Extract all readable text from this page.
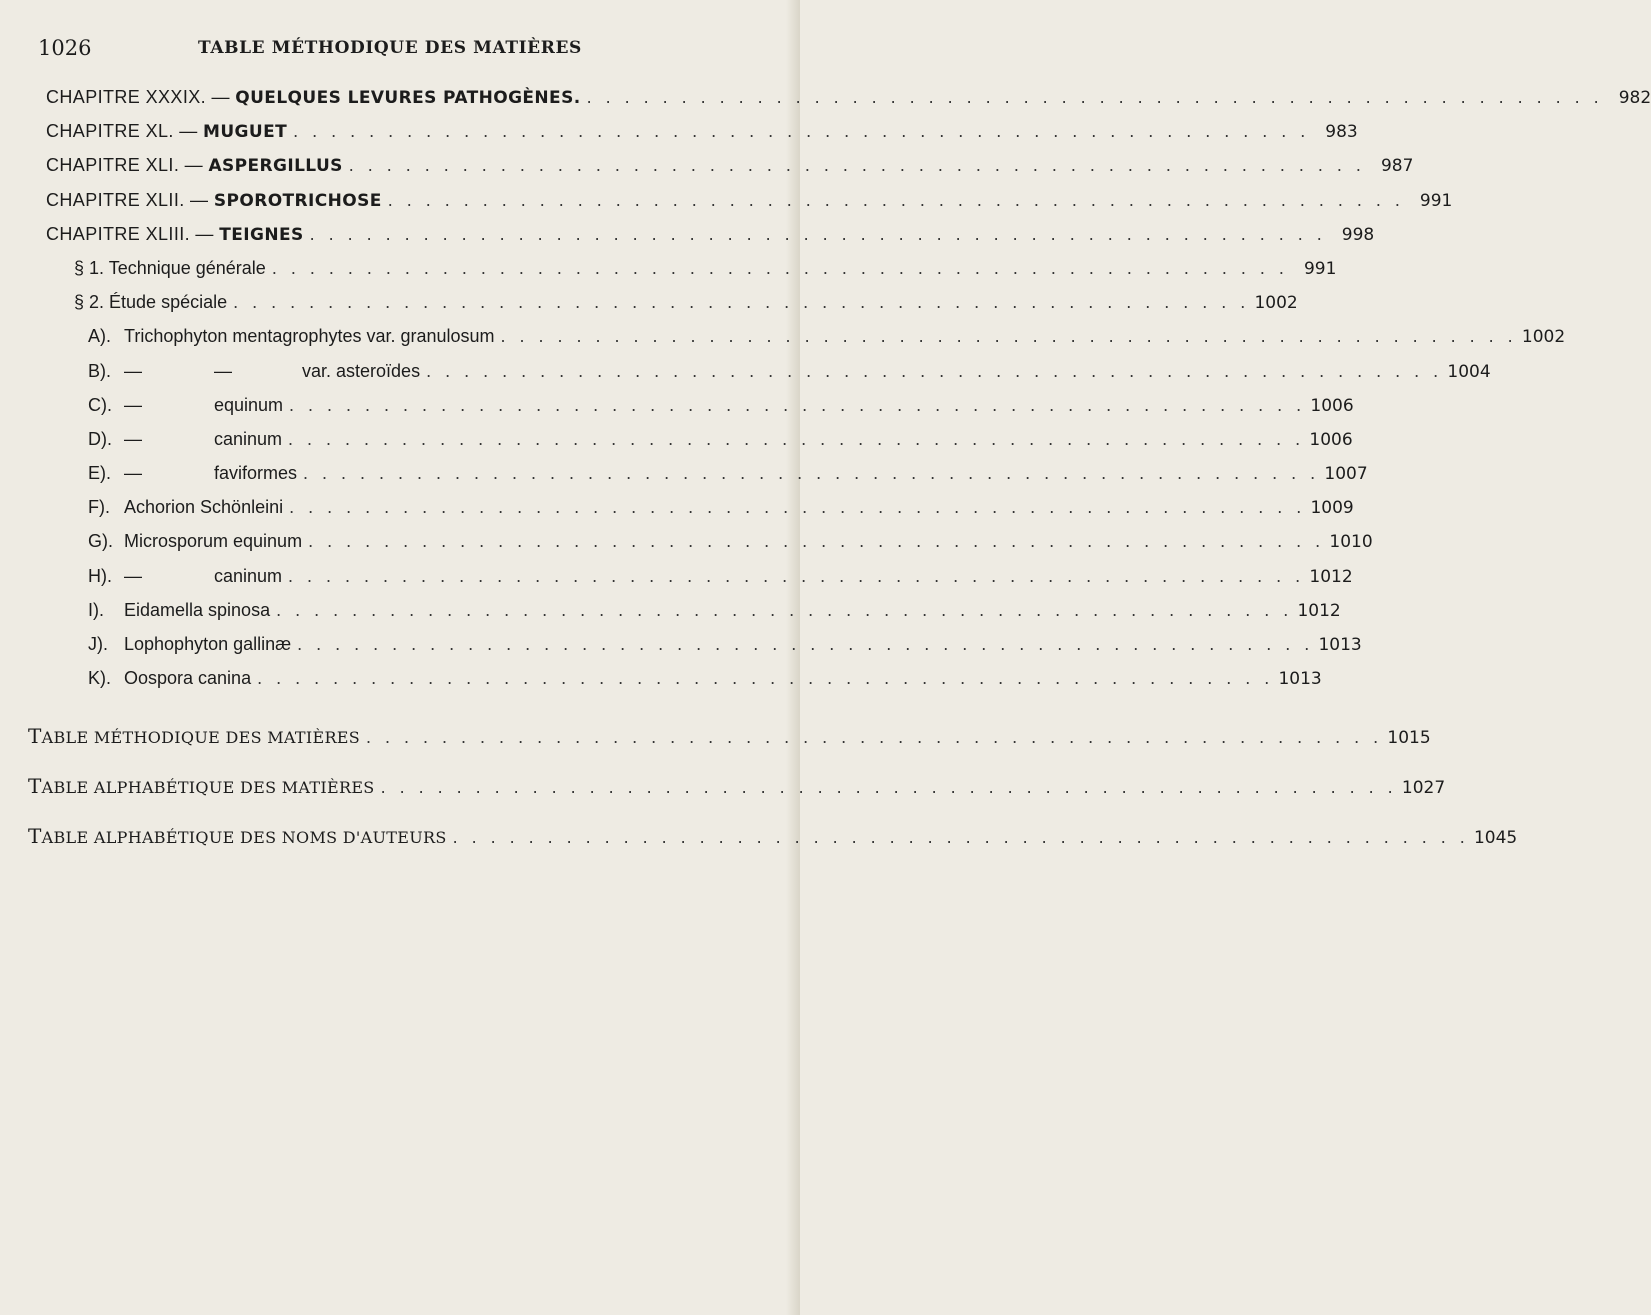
1026	TABLE MÉTHODIQUE DES MATIÈRES
CHAPITRE XXXIX. — QUELQUES LEVURES PATHOGÈNES. . . . . . . . . . . . . . . . . . . . . . . . . . . . . . . . . . . . . . . . . . . . . . . . . . . . . . . 982
CHAPITRE XL. — MUGUET . . . . . . . . . . . . . . . . . . . . . . . . . . . . . . . . . . . . . . . . . . . . . . . . . . . . . . 983
CHAPITRE XLI. — ASPERGILLUS . . . . . . . . . . . . . . . . . . . . . . . . . . . . . . . . . . . . . . . . . . . . . . . . . . . . . . 987
CHAPITRE XLII. — SPOROTRICHOSE . . . . . . . . . . . . . . . . . . . . . . . . . . . . . . . . . . . . . . . . . . . . . . . . . . . . . . 991
CHAPITRE XLIII. — TEIGNES . . . . . . . . . . . . . . . . . . . . . . . . . . . . . . . . . . . . . . . . . . . . . . . . . . . . . . 998
§ 1. Technique générale . . . . . . . . . . . . . . . . . . . . . . . . . . . . . . . . . . . . . . . . . . . . . . . . . . . . . . 991
§ 2. Étude spéciale . . . . . . . . . . . . . . . . . . . . . . . . . . . . . . . . . . . . . . . . . . . . . . . . . . . . . . 1002
A). Trichophyton mentagrophytes var. granulosum . . . . . . . . . . . . . . . . . . . . . . . . . . . . . . . . . . . . . . . . . . . . . . . . . . . . . . 1002
B). —	—	var. asteroïdes . . . . . . . . . . . . . . . . . . . . . . . . . . . . . . . . . . . . . . . . . . . . . . . . . . . . . . 1004
C). —	equinum . . . . . . . . . . . . . . . . . . . . . . . . . . . . . . . . . . . . . . . . . . . . . . . . . . . . . . 1006
D). —	caninum . . . . . . . . . . . . . . . . . . . . . . . . . . . . . . . . . . . . . . . . . . . . . . . . . . . . . . 1006
E). —	faviformes . . . . . . . . . . . . . . . . . . . . . . . . . . . . . . . . . . . . . . . . . . . . . . . . . . . . . . 1007
F). Achorion Schönleini . . . . . . . . . . . . . . . . . . . . . . . . . . . . . . . . . . . . . . . . . . . . . . . . . . . . . . 1009
G). Microsporum equinum . . . . . . . . . . . . . . . . . . . . . . . . . . . . . . . . . . . . . . . . . . . . . . . . . . . . . . 1010
H). —	caninum . . . . . . . . . . . . . . . . . . . . . . . . . . . . . . . . . . . . . . . . . . . . . . . . . . . . . . 1012
I).	Eidamella spinosa . . . . . . . . . . . . . . . . . . . . . . . . . . . . . . . . . . . . . . . . . . . . . . . . . . . . . . 1012
J). Lophophyton gallinæ . . . . . . . . . . . . . . . . . . . . . . . . . . . . . . . . . . . . . . . . . . . . . . . . . . . . . . 1013
K). Oospora canina . . . . . . . . . . . . . . . . . . . . . . . . . . . . . . . . . . . . . . . . . . . . . . . . . . . . . . 1013
TABLE MÉTHODIQUE DES MATIÈRES . . . . . . . . . . . . . . . . . . . . . . . . . . . . . . . . . . . . . . . . . . . . . . . . . . . . . . 1015
TABLE ALPHABÉTIQUE DES MATIÈRES . . . . . . . . . . . . . . . . . . . . . . . . . . . . . . . . . . . . . . . . . . . . . . . . . . . . . . 1027
TABLE ALPHABÉTIQUE DES NOMS D'AUTEURS . . . . . . . . . . . . . . . . . . . . . . . . . . . . . . . . . . . . . . . . . . . . . . . . . . . . . . 1045
